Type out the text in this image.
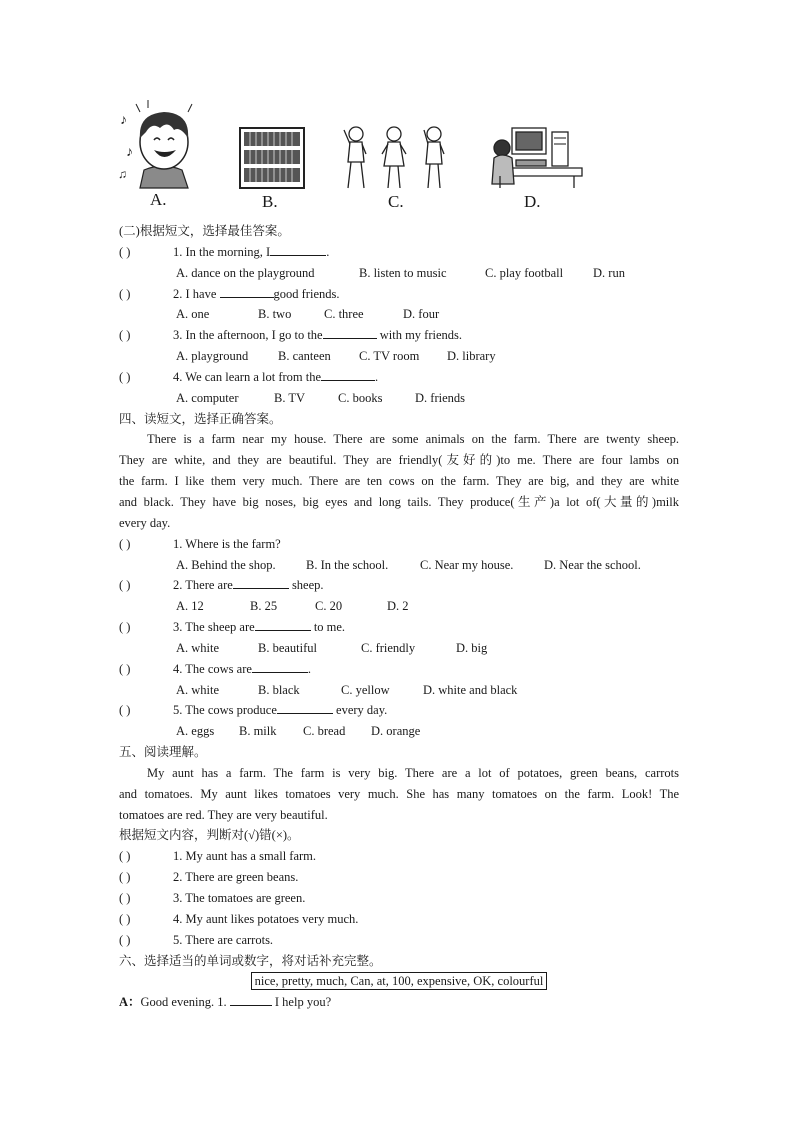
♪
♪
♫
A.	B.	C.	D.
(二)根据短文，选择最佳答案。
( )	1. In the morning, I	.
A. dance on the playground	B. listen to music	C. play football D. run
( )	2. I have	good friends.
A. one	B. two	C. three	D. four
( )	3. In the afternoon, I go to the	with my friends.
A. playground B. canteen C. TV room D. library
( )	4. We can learn a lot from the	.
A. computer	B. TV	C. books	D. friends
四、读短文，选择正确答案。
There is a farm near my house. There are some animals on the farm. There are twenty sheep.
They are white, and they are beautiful. They are friendly(友好的)to me. There are four lambs on
the farm. I like them very much. There are ten cows on the farm. They are big, and they are white
and black. They have big noses, big eyes and long tails. They produce(生产)a lot of(大量的)milk
every day.
( )	1. Where is the farm?
A. Behind the shop. B. In the school.	C. Near my house. D. Near the school.
( )	2. There are	sheep.
A. 12	B. 25	C. 20	D. 2
( )	3. The sheep are	to me.
A. white	B. beautiful	C. friendly	D. big
( )	4. The cows are	.
A. white	B. black	C. yellow	D. white and black
( )	5. The cows produce	every day.
A. eggs B. milk C. bread D. orange
五、阅读理解。
My aunt has a farm. The farm is very big. There are a lot of potatoes, green beans, carrots
and tomatoes. My aunt likes tomatoes very much. She has many tomatoes on the farm. Look! The
tomatoes are red. They are very beautiful.
根据短文内容，判断对(√)错(×)。
( )	1. My aunt has a small farm.
( )	2. There are green beans.
( )	3. The tomatoes are green.
( )	4. My aunt likes potatoes very much.
( )	5. There are carrots.
六、选择适当的单词或数字，将对话补充完整。
nice, pretty, much, Can, at, 100, expensive, OK, colourful
A：Good evening. 1.	I help you?
